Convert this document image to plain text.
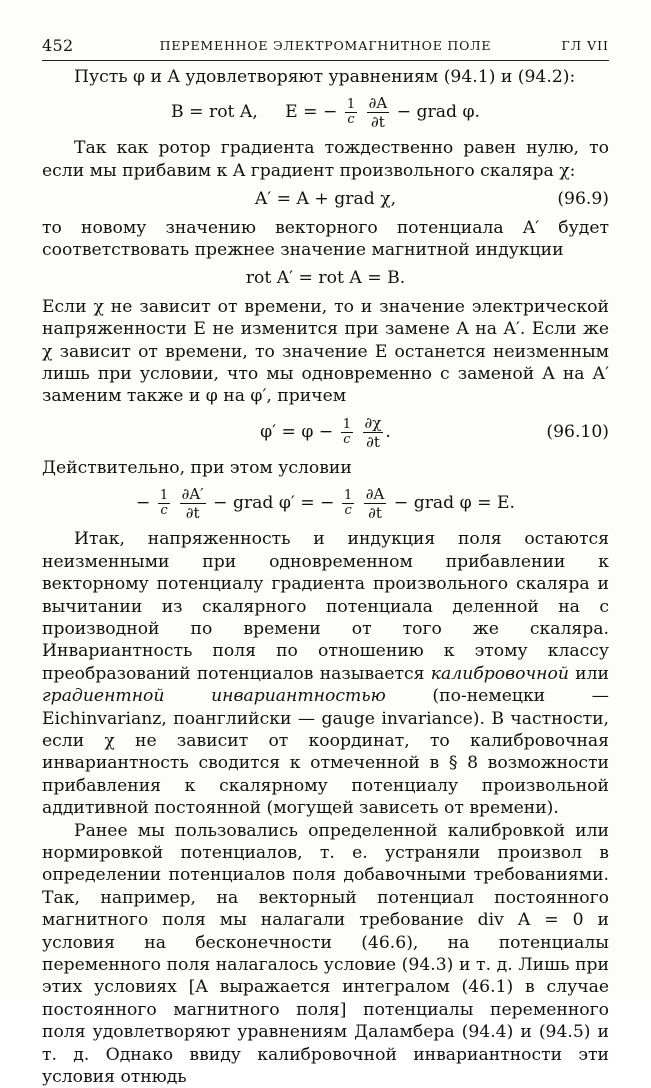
452	ПЕРЕМЕННОЕ ЭЛЕКТРОМАГНИТНОЕ ПОЛЕ	ГЛ VII

Пусть φ и A удовлетворяют уравнениям (94.1) и (94.2):

B = rot A, E = − $\frac{1}{c}$
$\frac{\partial A}{\partial t}$ − grad φ.

Так как ротор градиента тождественно равен нулю, то если мы прибавим к A градиент произвольного скаляра χ:

A′ = A + grad χ,	(96.9)

то новому значению векторного потенциала A′ будет соответствовать прежнее значение магнитной индукции

rot A′ = rot A = B.

Если χ не зависит от времени, то и значение электрической напряженности E не изменится при замене A на A′. Если же χ зависит от времени, то значение E останется неизменным лишь при условии, что мы одновременно с заменой A на A′ заменим также и φ на φ′, причем

$\varphi' = \varphi - \frac{1}{c}$
$\frac{\partial\chi}{\partial t}$ .	(96.10)

Действительно, при этом условии

− $\frac{1}{c}$
$\frac{\partial A'}{\partial t}$ − grad φ′ = − $\frac{1}{c}$
$\frac{\partial A}{\partial t}$ − grad φ = E.

Итак, напряженность и индукция поля остаются неизменными при одновременном прибавлении к векторному потенциалу градиента произвольного скаляра и вычитании из скалярного потенциала деленной на c производной по времени от того же скаляра. Инвариантность поля по отношению к этому классу преобразований потенциалов называется калибровочной или градиентной инвариантностью	(по-немецки — Eichinvarianz, поанглийски — gauge invariance). В частности, если χ не зависит от координат, то калибровочная инвариантность сводится к отмеченной в § 8 возможности прибавления к скалярному потенциалу произвольной аддитивной постоянной (могущей зависеть от времени).

Ранее мы пользовались определенной калибровкой или нормировкой потенциалов, т. е. устраняли произвол в определении потенциалов поля добавочными требованиями. Так, например, на векторный потенциал постоянного магнитного поля мы налагали требование div A = 0 и условия на бесконечности (46.6), на потенциалы переменного поля налагалось условие (94.3) и т. д. Лишь при этих условиях [A выражается интегралом (46.1) в случае постоянного магнитного поля] потенциалы переменного поля удовлетворяют уравнениям Даламбера (94.4) и (94.5) и т. д. Однако ввиду калибровочной инвариантности эти условия отнюдь
